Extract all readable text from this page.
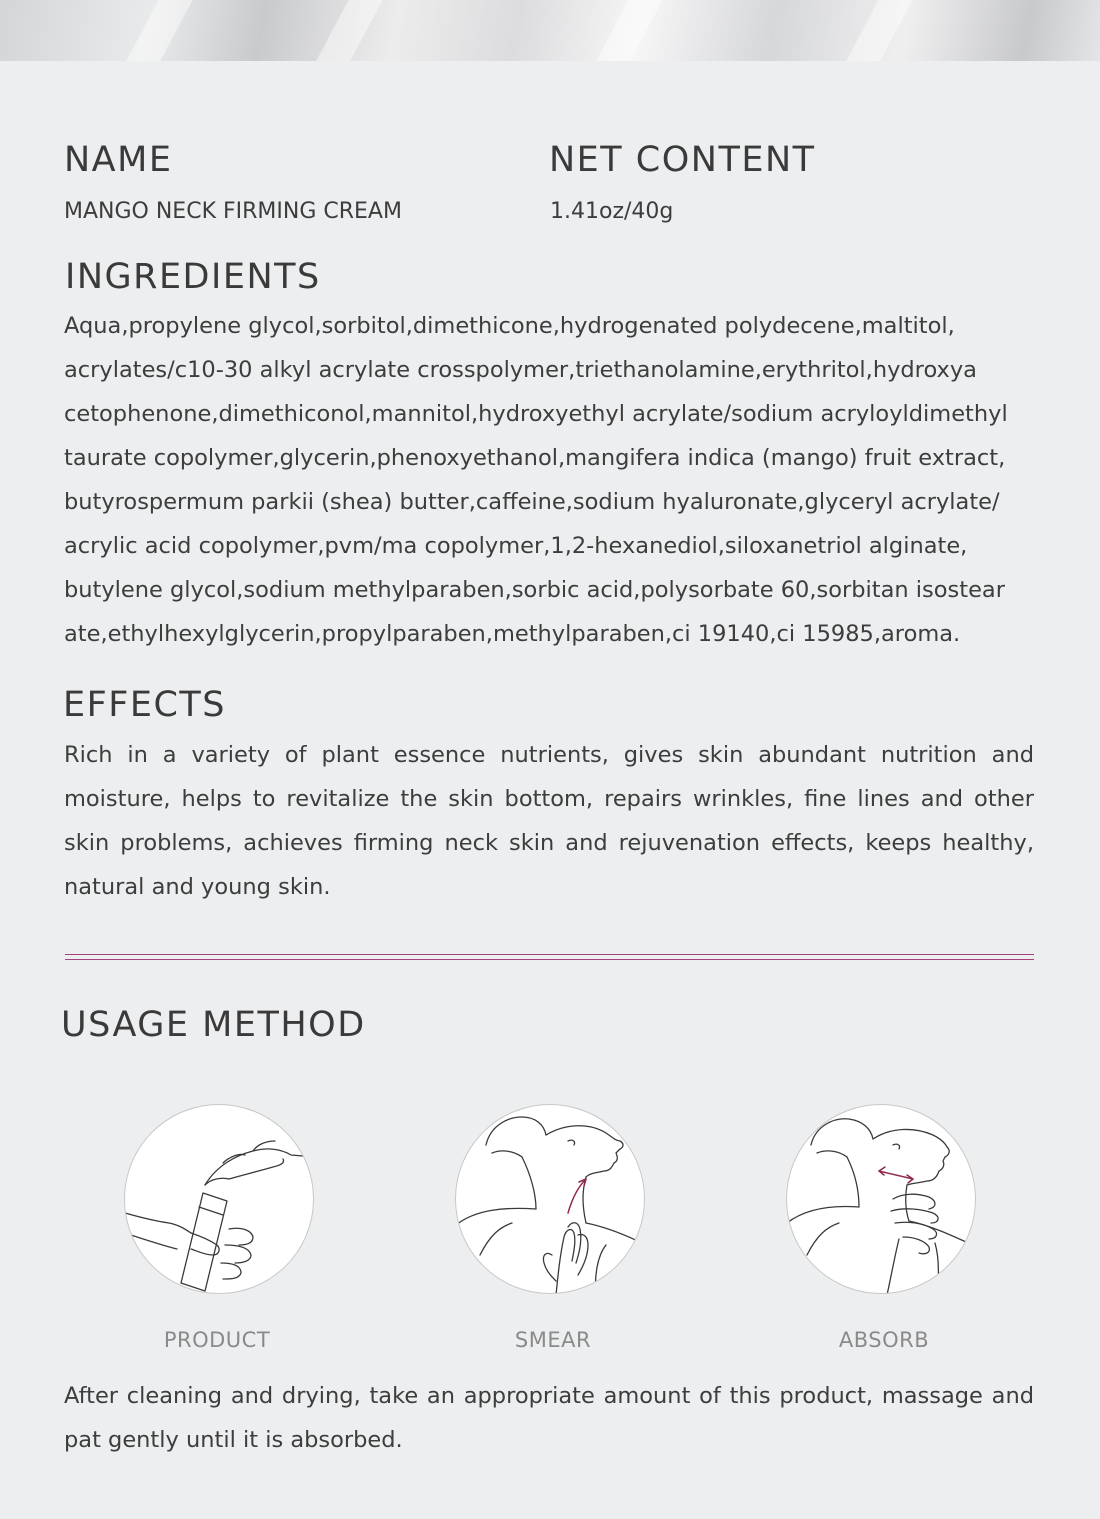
NAME
MANGO NECK FIRMING CREAM
NET CONTENT
1.41oz/40g
INGREDIENTS
Aqua,propylene glycol,sorbitol,dimethicone,hydrogenated polydecene,maltitol,
acrylates/c10-30 alkyl acrylate crosspolymer,triethanolamine,erythritol,hydroxya
cetophenone,dimethiconol,mannitol,hydroxyethyl acrylate/sodium acryloyldimethyl
taurate copolymer,glycerin,phenoxyethanol,mangifera indica (mango) fruit extract,
butyrospermum parkii (shea) butter,caffeine,sodium hyaluronate,glyceryl acrylate/
acrylic acid copolymer,pvm/ma copolymer,1,2-hexanediol,siloxanetriol alginate,
butylene glycol,sodium methylparaben,sorbic acid,polysorbate 60,sorbitan isostear
ate,ethylhexylglycerin,propylparaben,methylparaben,ci 19140,ci 15985,aroma.
EFFECTS
Rich in a variety of plant essence nutrients, gives skin abundant nutrition and
moisture, helps to revitalize the skin bottom, repairs wrinkles, fine lines and other
skin problems, achieves firming neck skin and rejuvenation effects, keeps healthy,
natural and young skin.
USAGE METHOD
PRODUCT	SMEAR	ABSORB
After cleaning and drying, take an appropriate amount of this product, massage and
pat gently until it is absorbed.
